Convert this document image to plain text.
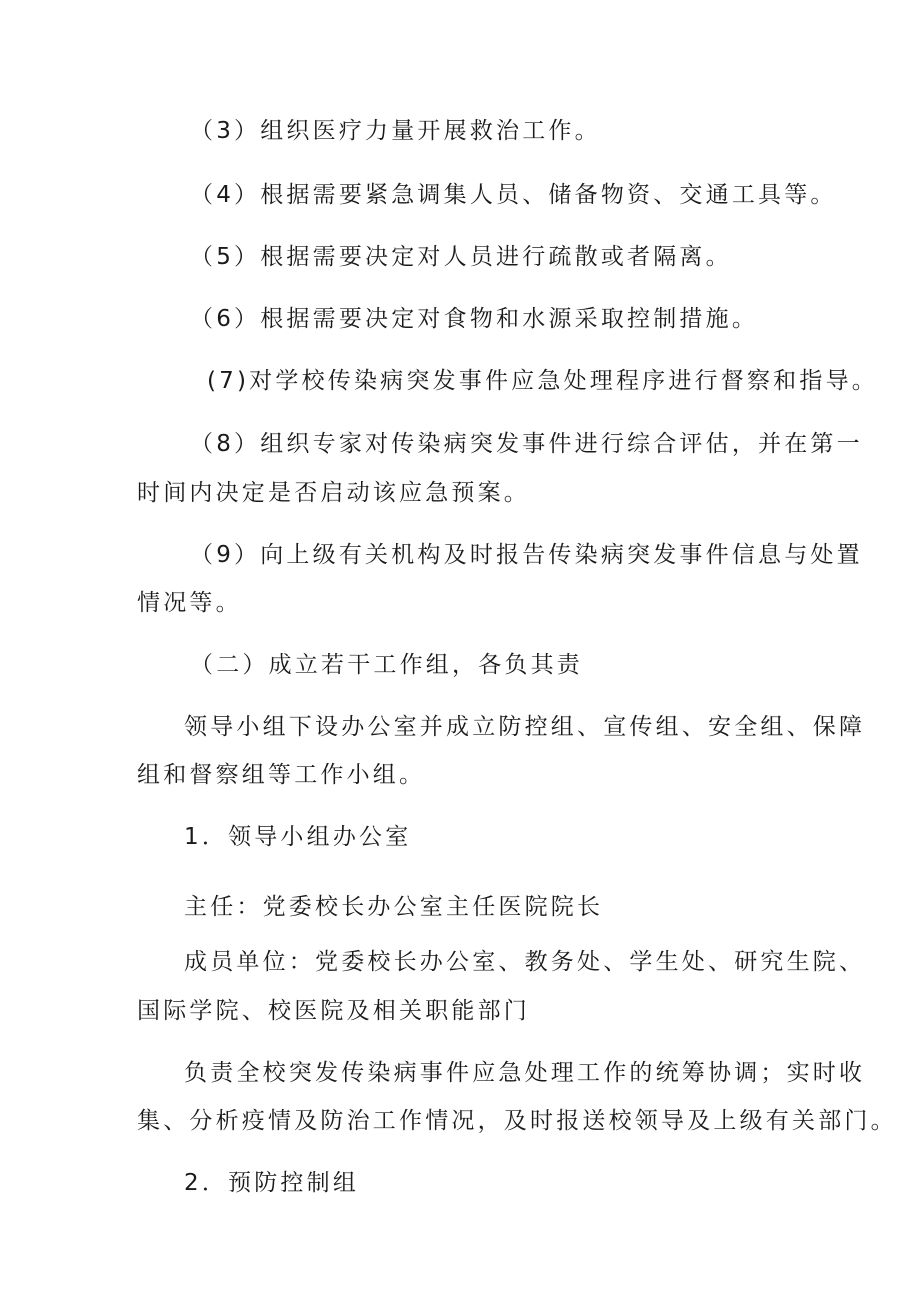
（3）组织医疗力量开展救治工作。
（4）根据需要紧急调集人员、储备物资、交通工具等。
（5）根据需要决定对人员进行疏散或者隔离。
（6）根据需要决定对食物和水源采取控制措施。
(7)对学校传染病突发事件应急处理程序进行督察和指导。
（8）组织专家对传染病突发事件进行综合评估，并在第一
时间内决定是否启动该应急预案。
（9）向上级有关机构及时报告传染病突发事件信息与处置
情况等。
（二）成立若干工作组，各负其责
领导小组下设办公室并成立防控组、宣传组、安全组、保障
组和督察组等工作小组。
1．领导小组办公室
主任：党委校长办公室主任医院院长
成员单位：党委校长办公室、教务处、学生处、研究生院、
国际学院、校医院及相关职能部门
负责全校突发传染病事件应急处理工作的统筹协调；实时收
集、分析疫情及防治工作情况，及时报送校领导及上级有关部门。
2．预防控制组
